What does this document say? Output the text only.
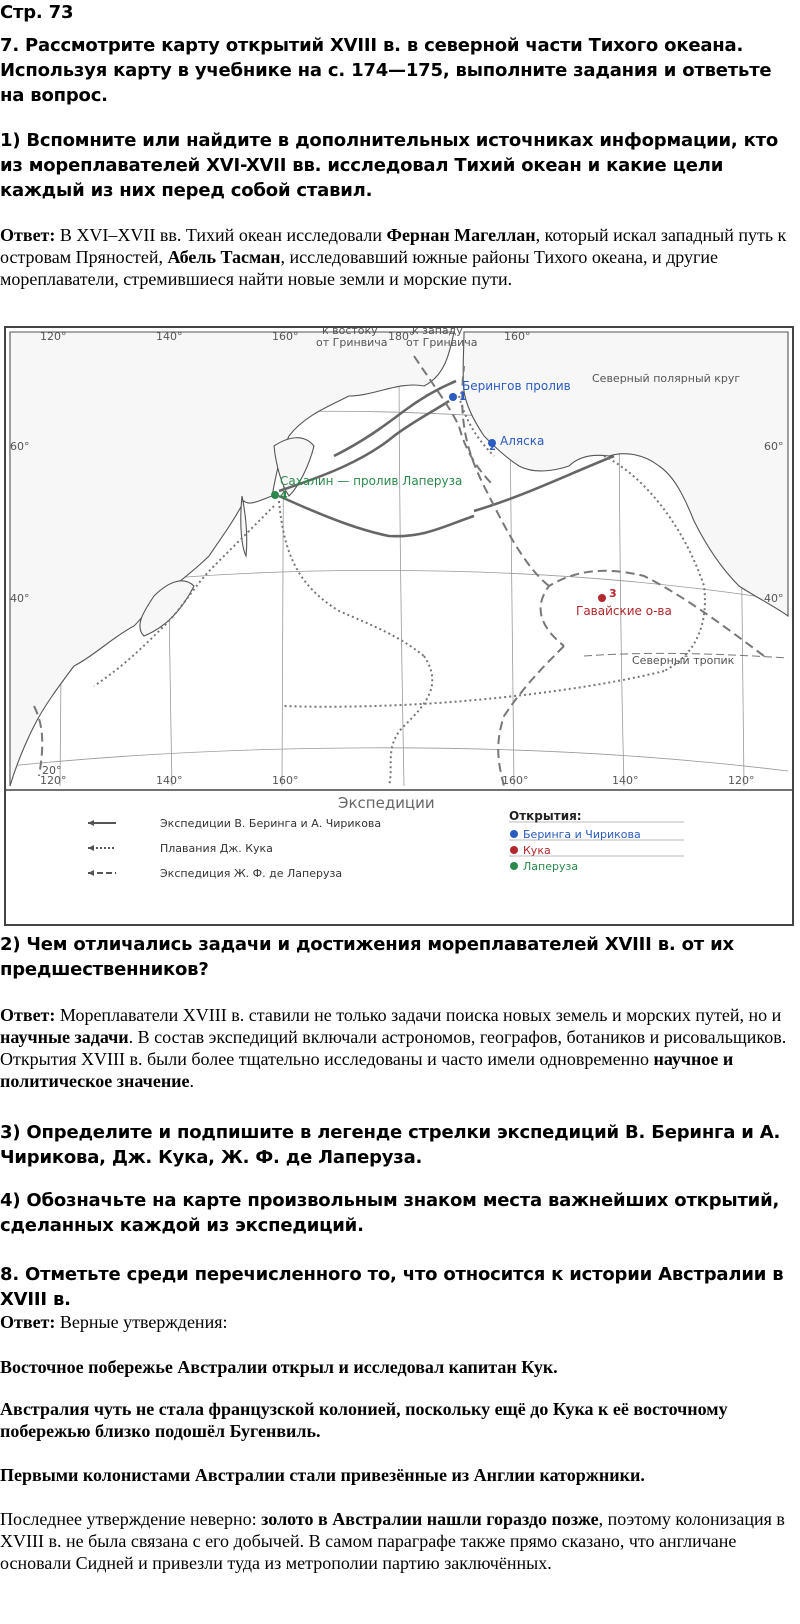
Стр. 73
7. Рассмотрите карту открытий XVIII в. в северной части Тихого океана. Используя карту в учебнике на с. 174—175, выполните задания и ответьте на вопрос.
1) Вспомните или найдите в дополнительных источниках информации, кто из мореплавателей XVI-XVII вв. исследовал Тихий океан и какие цели каждый из них перед собой ставил.
Ответ: В XVI–XVII вв. Тихий океан исследовали Фернан Магеллан, который искал западный путь к островам Пряностей, Абель Тасман, исследовавший южные районы Тихого океана, и другие мореплаватели, стремившиеся найти новые земли и морские пути.
120°	140°	160°	180°	160°
к востоку от Гринвича
к западу от Гринвича
120°	140°	160°	160°	140°	120°
60°
40°
20°
60°
40°
Северный полярный круг
Северный тропик
1
Берингов пролив
2 Аляска
Сахалин — пролив Лаперуза
4
3
Гавайские о-ва
Экспедиции
Экспедиции В. Беринга и А. Чирикова
Плавания Дж. Кука
Экспедиция Ж. Ф. де Лаперуза
Открытия:
Беринга и Чирикова
Кука
Лаперуза
2) Чем отличались задачи и достижения мореплавателей XVIII в. от их предшественников?
Ответ: Мореплаватели XVIII в. ставили не только задачи поиска новых земель и морских путей, но и научные задачи. В состав экспедиций включали астрономов, географов, ботаников и рисовальщиков. Открытия XVIII в. были более тщательно исследованы и часто имели одновременно научное и политическое значение.
3) Определите и подпишите в легенде стрелки экспедиций В. Беринга и А. Чирикова, Дж. Кука, Ж. Ф. де Лаперуза.
4) Обозначьте на карте произвольным знаком места важнейших открытий, сделанных каждой из экспедиций.
8. Отметьте среди перечисленного то, что относится к истории Австралии в XVIII в.
Ответ: Верные утверждения:
Восточное побережье Австралии открыл и исследовал капитан Кук.
Австралия чуть не стала французской колонией, поскольку ещё до Кука к её восточному побережью близко подошёл Бугенвиль.
Первыми колонистами Австралии стали привезённые из Англии каторжники.
Последнее утверждение неверно: золото в Австралии нашли гораздо позже, поэтому колонизация в XVIII в. не была связана с его добычей. В самом параграфе также прямо сказано, что англичане основали Сидней и привезли туда из метрополии партию заключённых.
